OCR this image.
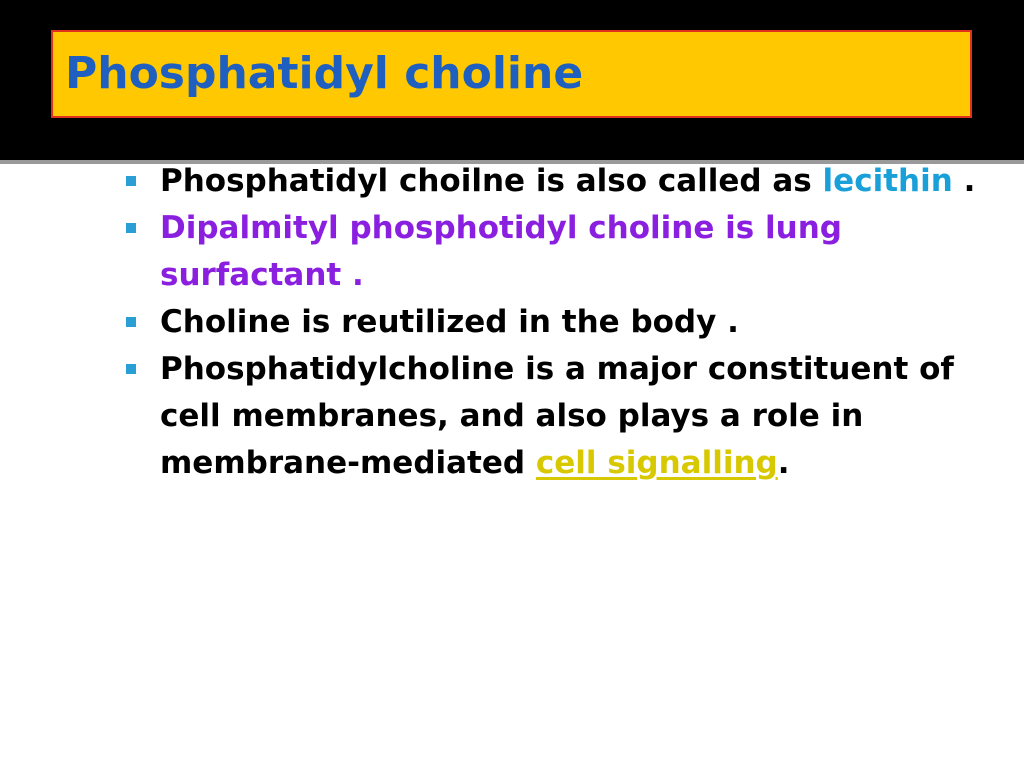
Phosphatidyl choline
Phosphatidyl choilne is also called as lecithin .
Dipalmityl phosphotidyl choline is lung surfactant .
Choline is reutilized in the body .
Phosphatidylcholine is a major constituent of cell membranes, and also plays a role in membrane-mediated cell signalling.
